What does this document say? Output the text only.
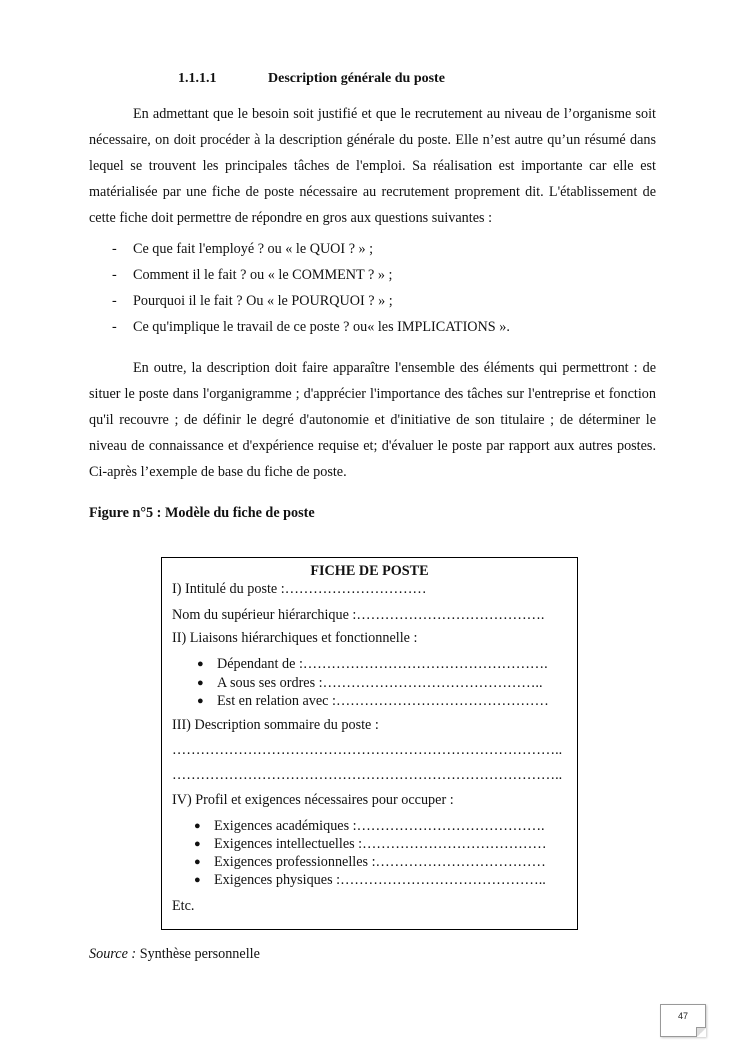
1.1.1.1	Description générale du poste

En admettant que le besoin soit justifié et que le recrutement au niveau de l’organisme soit nécessaire, on doit procéder à la description générale du poste. Elle n’est autre qu’un résumé dans lequel se trouvent les principales tâches de l'emploi. Sa réalisation est importante car elle est matérialisée par une fiche de poste nécessaire au recrutement proprement dit. L'établissement de cette fiche doit permettre de répondre en gros aux questions suivantes :

- Ce que fait l'employé ? ou « le QUOI ? » ;
- Comment il le fait ? ou « le COMMENT ? » ;
- Pourquoi il le fait ? Ou « le POURQUOI ? » ;
- Ce qu'implique le travail de ce poste ? ou« les IMPLICATIONS ».

En outre, la description doit faire apparaître l'ensemble des éléments qui permettront : de situer le poste dans l'organigramme ; d'apprécier l'importance des tâches sur l'entreprise et fonction qu'il recouvre ; de définir le degré d'autonomie et d'initiative de son titulaire ; de déterminer le niveau de connaissance et d'expérience requise et; d'évaluer le poste par rapport aux autres postes. Ci-après l’exemple de base du fiche de poste.

Figure n°5 : Modèle du fiche de poste
FICHE DE POSTE
I) Intitulé du poste :…………………………
Nom du supérieur hiérarchique :………………………………….
II) Liaisons hiérarchiques et fonctionnelle :
● Dépendant de :…………………………………………….
● A sous ses ordres :………………………………………..
● Est en relation avec :………………………………………
III) Description sommaire du poste :
………………………………………………………………………..
………………………………………………………………………..
IV) Profil et exigences nécessaires pour occuper :
● Exigences académiques :………………………………….
● Exigences intellectuelles :…………………………………
● Exigences professionnelles :………………………………
● Exigences physiques :……………………………………..
Etc.
Source : Synthèse personnelle
47
